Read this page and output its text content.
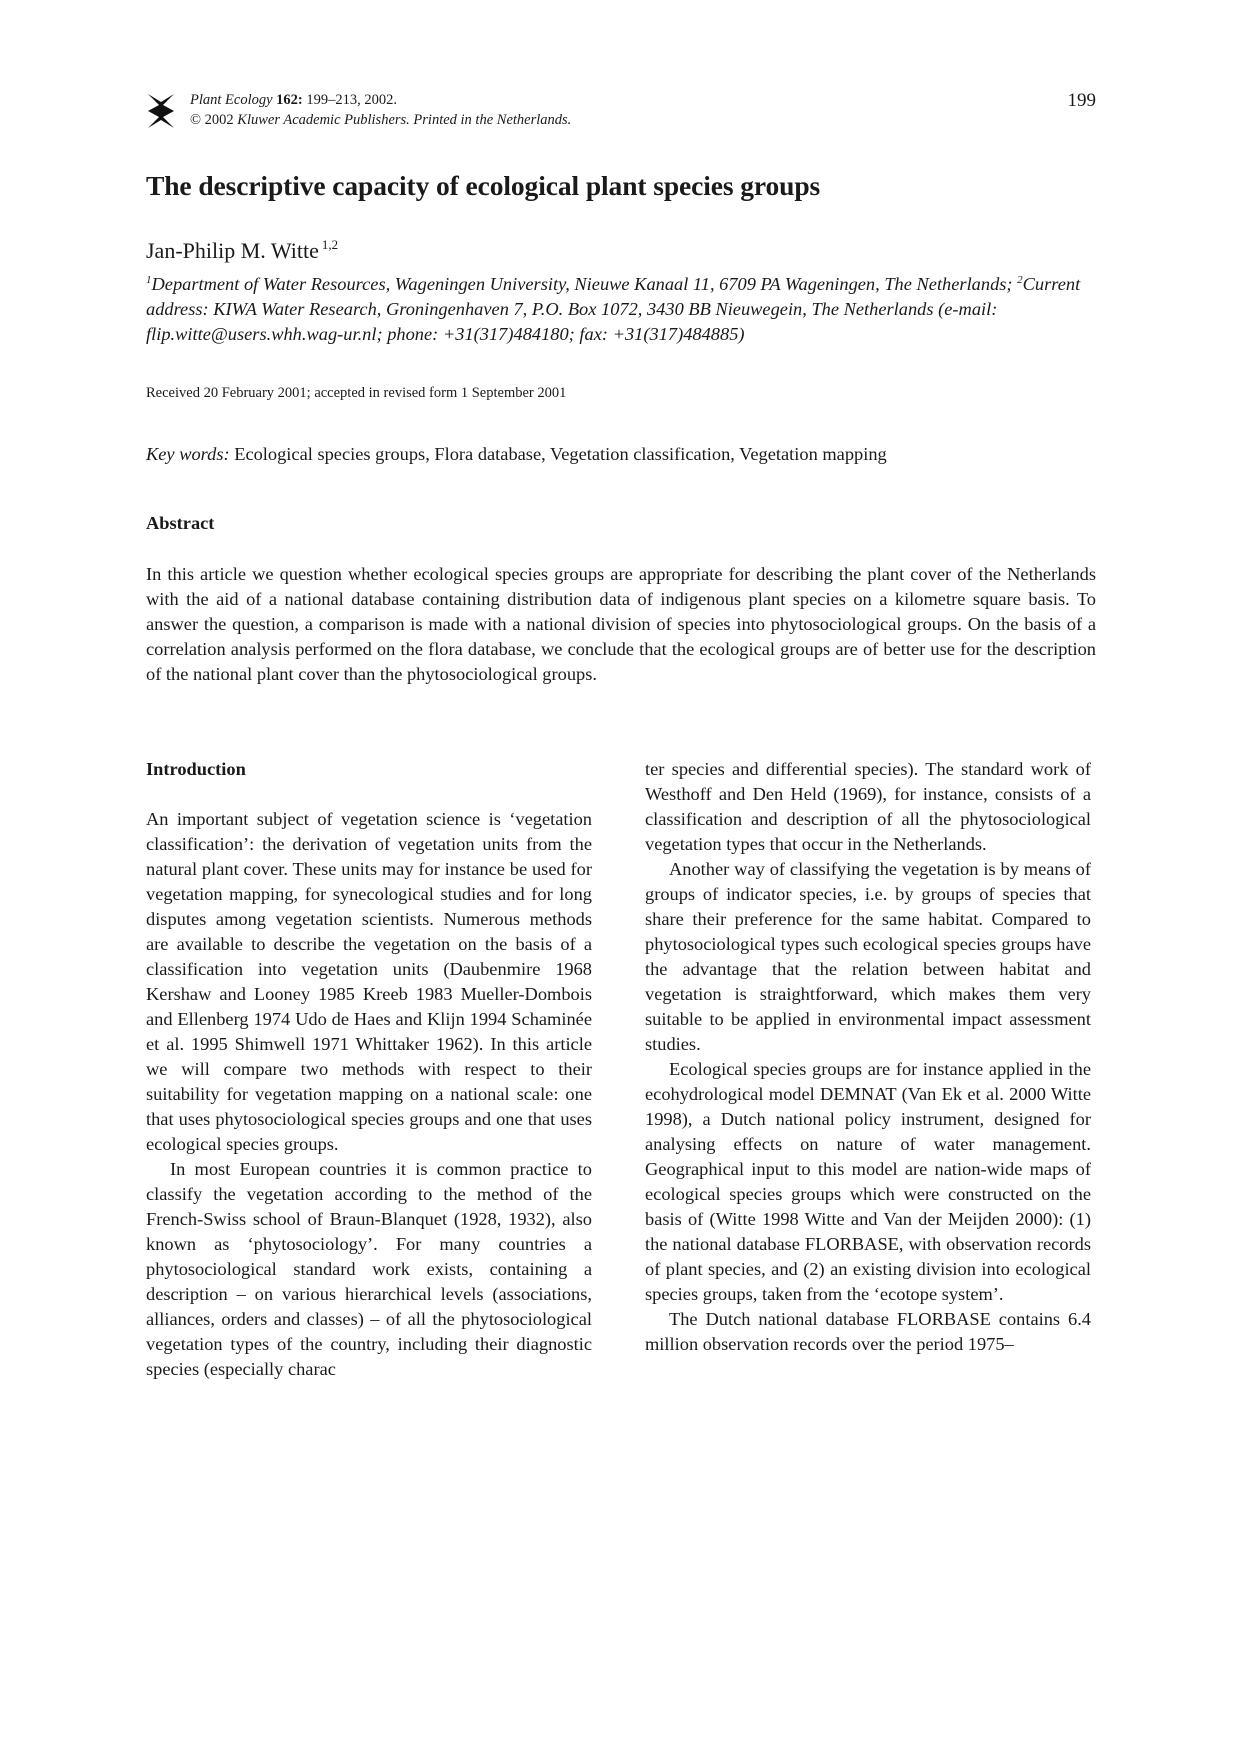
Plant Ecology 162: 199–213, 2002.
© 2002 Kluwer Academic Publishers. Printed in the Netherlands.
199
The descriptive capacity of ecological plant species groups
Jan-Philip M. Witte $^{1,2}$
$^1$Department of Water Resources, Wageningen University, Nieuwe Kanaal 11, 6709 PA Wageningen, The Netherlands; $^2$Current address: KIWA Water Research, Groningenhaven 7, P.O. Box 1072, 3430 BB Nieuwegein, The Netherlands (e-mail: flip.witte@users.whh.wag-ur.nl; phone: +31(317)484180; fax: +31(317)484885)
Received 20 February 2001; accepted in revised form 1 September 2001
Key words: Ecological species groups, Flora database, Vegetation classification, Vegetation mapping
Abstract

In this article we question whether ecological species groups are appropriate for describing the plant cover of the Netherlands with the aid of a national database containing distribution data of indigenous plant species on a kilometre square basis. To answer the question, a comparison is made with a national division of species into phytosociological groups. On the basis of a correlation analysis performed on the flora database, we conclude that the ecological groups are of better use for the description of the national plant cover than the phytosociological groups.

Introduction

An important subject of vegetation science is ‘vegetation classification’: the derivation of vegetation units from the natural plant cover. These units may for instance be used for vegetation mapping, for synecological studies and for long disputes among vegetation scientists. Numerous methods are available to describe the vegetation on the basis of a classification into vegetation units (Daubenmire 1968 Kershaw and Looney 1985 Kreeb 1983 Mueller-Dombois and Ellenberg 1974 Udo de Haes and Klijn 1994 Schaminée et al. 1995 Shimwell 1971 Whittaker 1962). In this article we will compare two methods with respect to their suitability for vegetation mapping on a national scale: one that uses phytosociological species groups and one that uses ecological species groups.

In most European countries it is common practice to classify the vegetation according to the method of the French-Swiss school of Braun-Blanquet (1928, 1932), also known as ‘phytosociology’. For many countries a phytosociological standard work exists, containing a description – on various hierarchical levels (associations, alliances, orders and classes) – of all the phytosociological vegetation types of the country, including their diagnostic species (especially charac

ter species and differential species). The standard work of Westhoff and Den Held (1969), for instance, consists of a classification and description of all the phytosociological vegetation types that occur in the Netherlands.

Another way of classifying the vegetation is by means of groups of indicator species, i.e. by groups of species that share their preference for the same habitat. Compared to phytosociological types such ecological species groups have the advantage that the relation between habitat and vegetation is straightforward, which makes them very suitable to be applied in environmental impact assessment studies.

Ecological species groups are for instance applied in the ecohydrological model DEMNAT (Van Ek et al. 2000 Witte 1998), a Dutch national policy instrument, designed for analysing effects on nature of water management. Geographical input to this model are nation-wide maps of ecological species groups which were constructed on the basis of (Witte 1998 Witte and Van der Meijden 2000): (1) the national database FLORBASE, with observation records of plant species, and (2) an existing division into ecological species groups, taken from the ‘ecotope system’.

The Dutch national database FLORBASE contains 6.4 million observation records over the period 1975–
